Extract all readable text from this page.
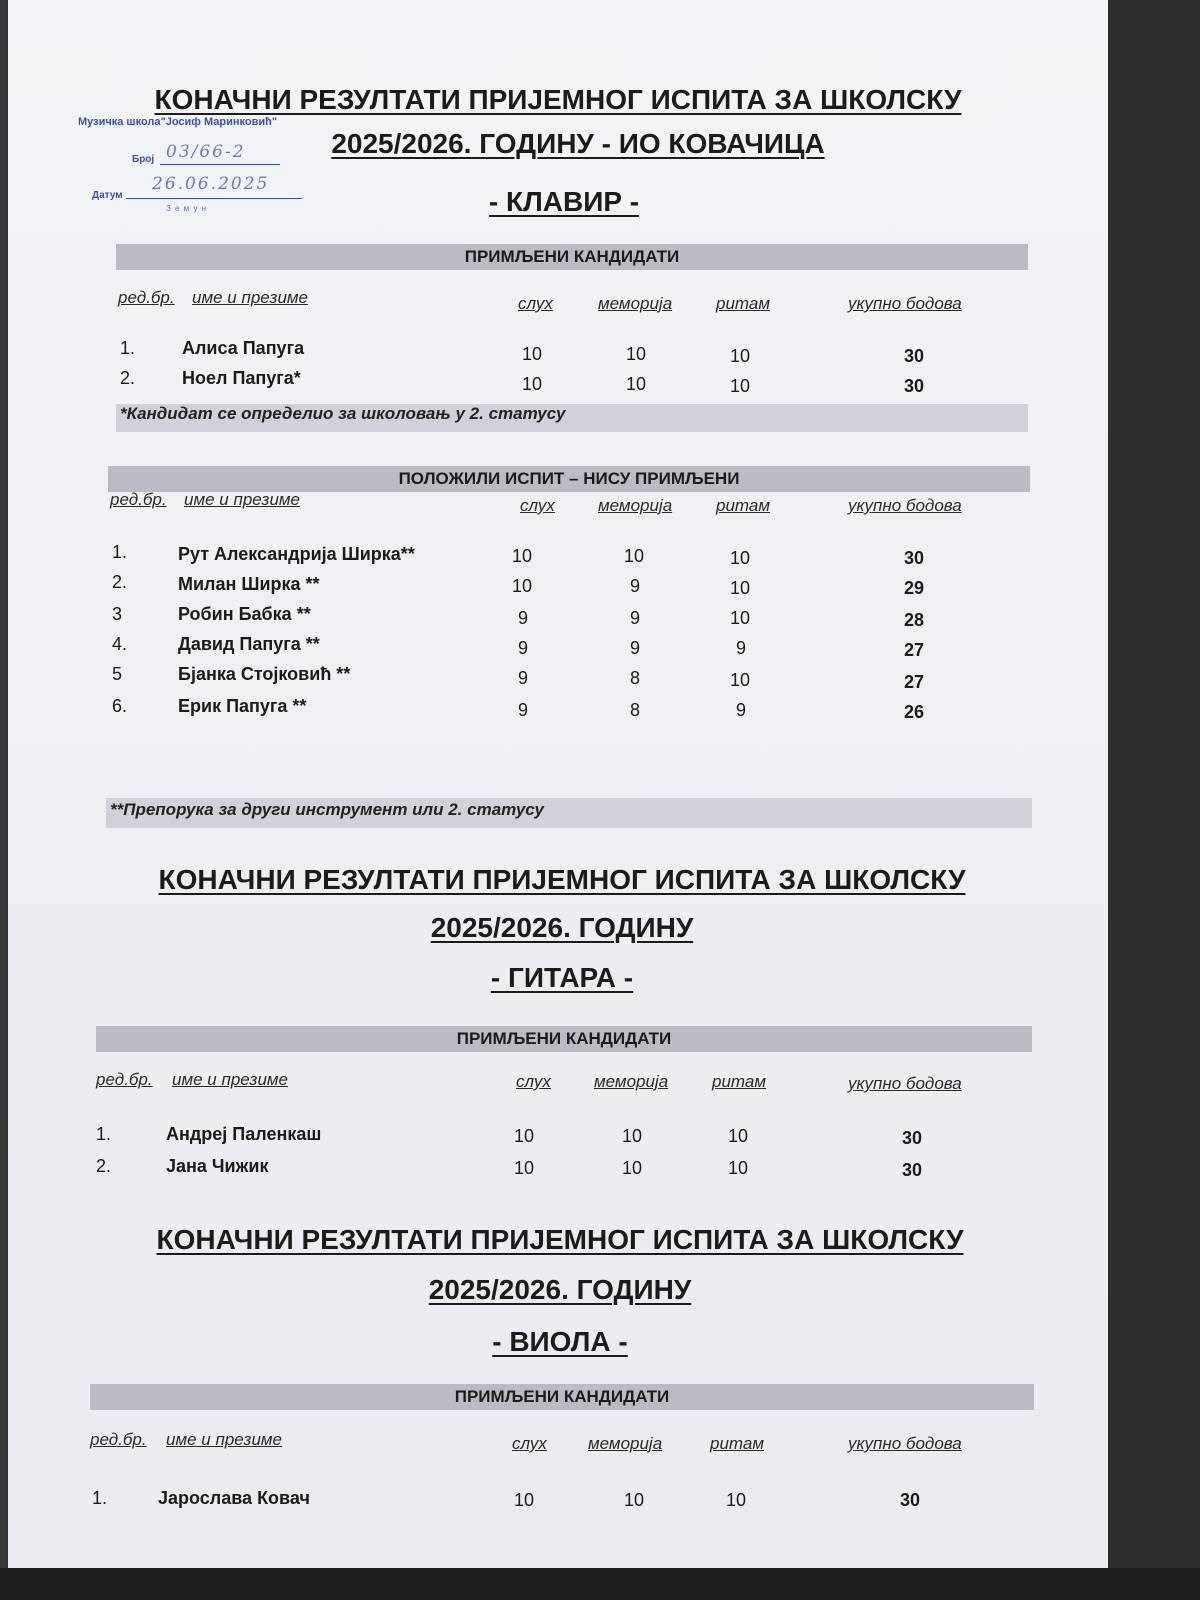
Музичка школа"Јосиф Маринковић"
Број 03/66-2
Датум
26.06.2025
З е м у н
КОНАЧНИ РЕЗУЛТАТИ ПРИЈЕМНОГ ИСПИТА ЗА ШКОЛСКУ
2025/2026. ГОДИНУ - ИО КОВАЧИЦА
- КЛАВИР -
ПРИМЉЕНИ КАНДИДАТИ
ред.бр. име и презиме	слух	меморија	ритам	укупно бодова
1.	Алиса Папуга	10	10	10	30
2.	Ноел Папуга*	10	10	10	30
*Кандидат се определио за школовањ у 2. статусу
ПОЛОЖИЛИ ИСПИТ – НИСУ ПРИМЉЕНИ
ред.бр. име и презиме	слух	меморија	ритам	укупно бодова
1.	Рут Александрија Ширка**	10	10	10	30
2.	Милан Ширка **	10	9	10	29
3	Робин Бабка **	9	9	10	28
4.	Давид Папуга **	9	9	9	27
5	Бјанка Стојковић **	9	8	10	27
6.	Ерик Папуга **	9	8	9	26
**Препорука за други инструмент или 2. статусу
КОНАЧНИ РЕЗУЛТАТИ ПРИЈЕМНОГ ИСПИТА ЗА ШКОЛСКУ
2025/2026. ГОДИНУ
- ГИТАРА -
ПРИМЉЕНИ КАНДИДАТИ
ред.бр. име и презиме	слух	меморија	ритам	укупно бодова
1.	Андреј Паленкаш	10	10	10	30
2.	Јана Чижик	10	10	10	30
КОНАЧНИ РЕЗУЛТАТИ ПРИЈЕМНОГ ИСПИТА ЗА ШКОЛСКУ
2025/2026. ГОДИНУ
- ВИОЛА -
ПРИМЉЕНИ КАНДИДАТИ
ред.бр. име и презиме	слух меморија	ритам	укупно бодова
1.	Јарослава Ковач	10	10	10	30
